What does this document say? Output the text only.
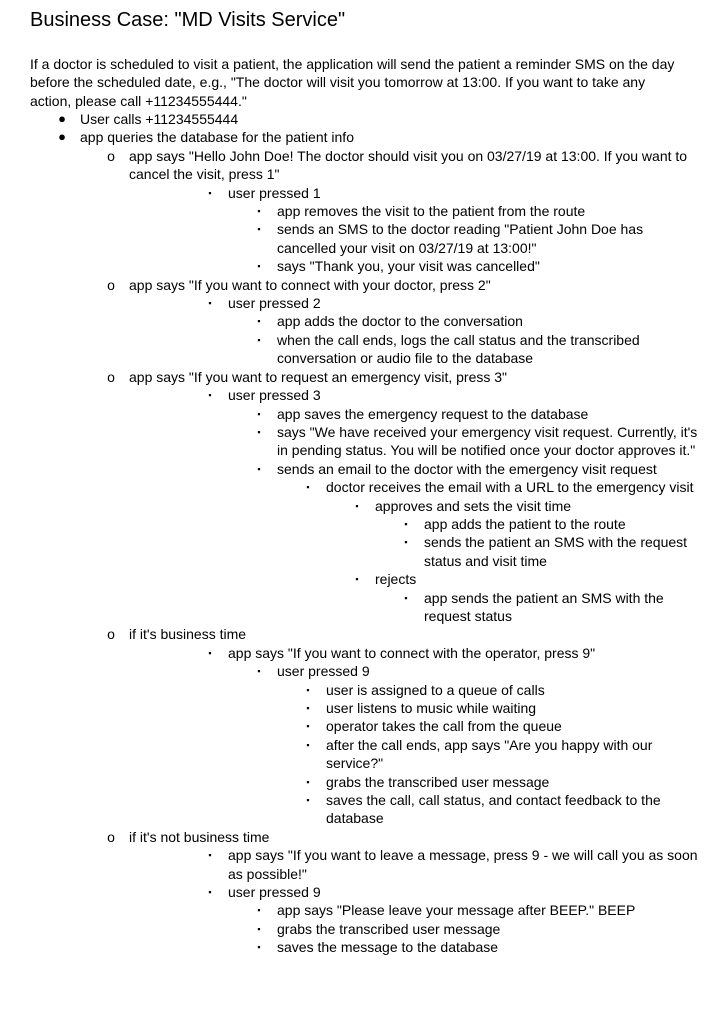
Business Case: "MD Visits Service"
If a doctor is scheduled to visit a patient, the application will send the patient a reminder SMS on the day before the scheduled date, e.g., "The doctor will visit you tomorrow at 13:00. If you want to take any action, please call +11234555444."
●	User calls +11234555444
●	app queries the database for the patient info
o	app says "Hello John Doe! The doctor should visit you on 03/27/19 at 13:00. If you want to cancel the visit, press 1"
▪	user pressed 1
▪	app removes the visit to the patient from the route
▪	sends an SMS to the doctor reading "Patient John Doe has cancelled your visit on 03/27/19 at 13:00!"
▪	says "Thank you, your visit was cancelled"
o	app says "If you want to connect with your doctor, press 2"
▪	user pressed 2
▪	app adds the doctor to the conversation
▪	when the call ends, logs the call status and the transcribed conversation or audio file to the database
o	app says "If you want to request an emergency visit, press 3"
▪	user pressed 3
▪	app saves the emergency request to the database
▪	says "We have received your emergency visit request. Currently, it's in pending status. You will be notified once your doctor approves it."
▪	sends an email to the doctor with the emergency visit request
▪	doctor receives the email with a URL to the emergency visit
▪	approves and sets the visit time
▪	app adds the patient to the route
▪	sends the patient an SMS with the request status and visit time
▪	rejects
▪	app sends the patient an SMS with the request status
o	if it's business time
▪	app says "If you want to connect with the operator, press 9"
▪	user pressed 9
▪	user is assigned to a queue of calls
▪	user listens to music while waiting
▪	operator takes the call from the queue
▪	after the call ends, app says "Are you happy with our service?"
▪	grabs the transcribed user message
▪	saves the call, call status, and contact feedback to the database
o	if it's not business time
▪	app says "If you want to leave a message, press 9 - we will call you as soon as possible!"
▪	user pressed 9
▪	app says "Please leave your message after BEEP." BEEP
▪	grabs the transcribed user message
▪	saves the message to the database
